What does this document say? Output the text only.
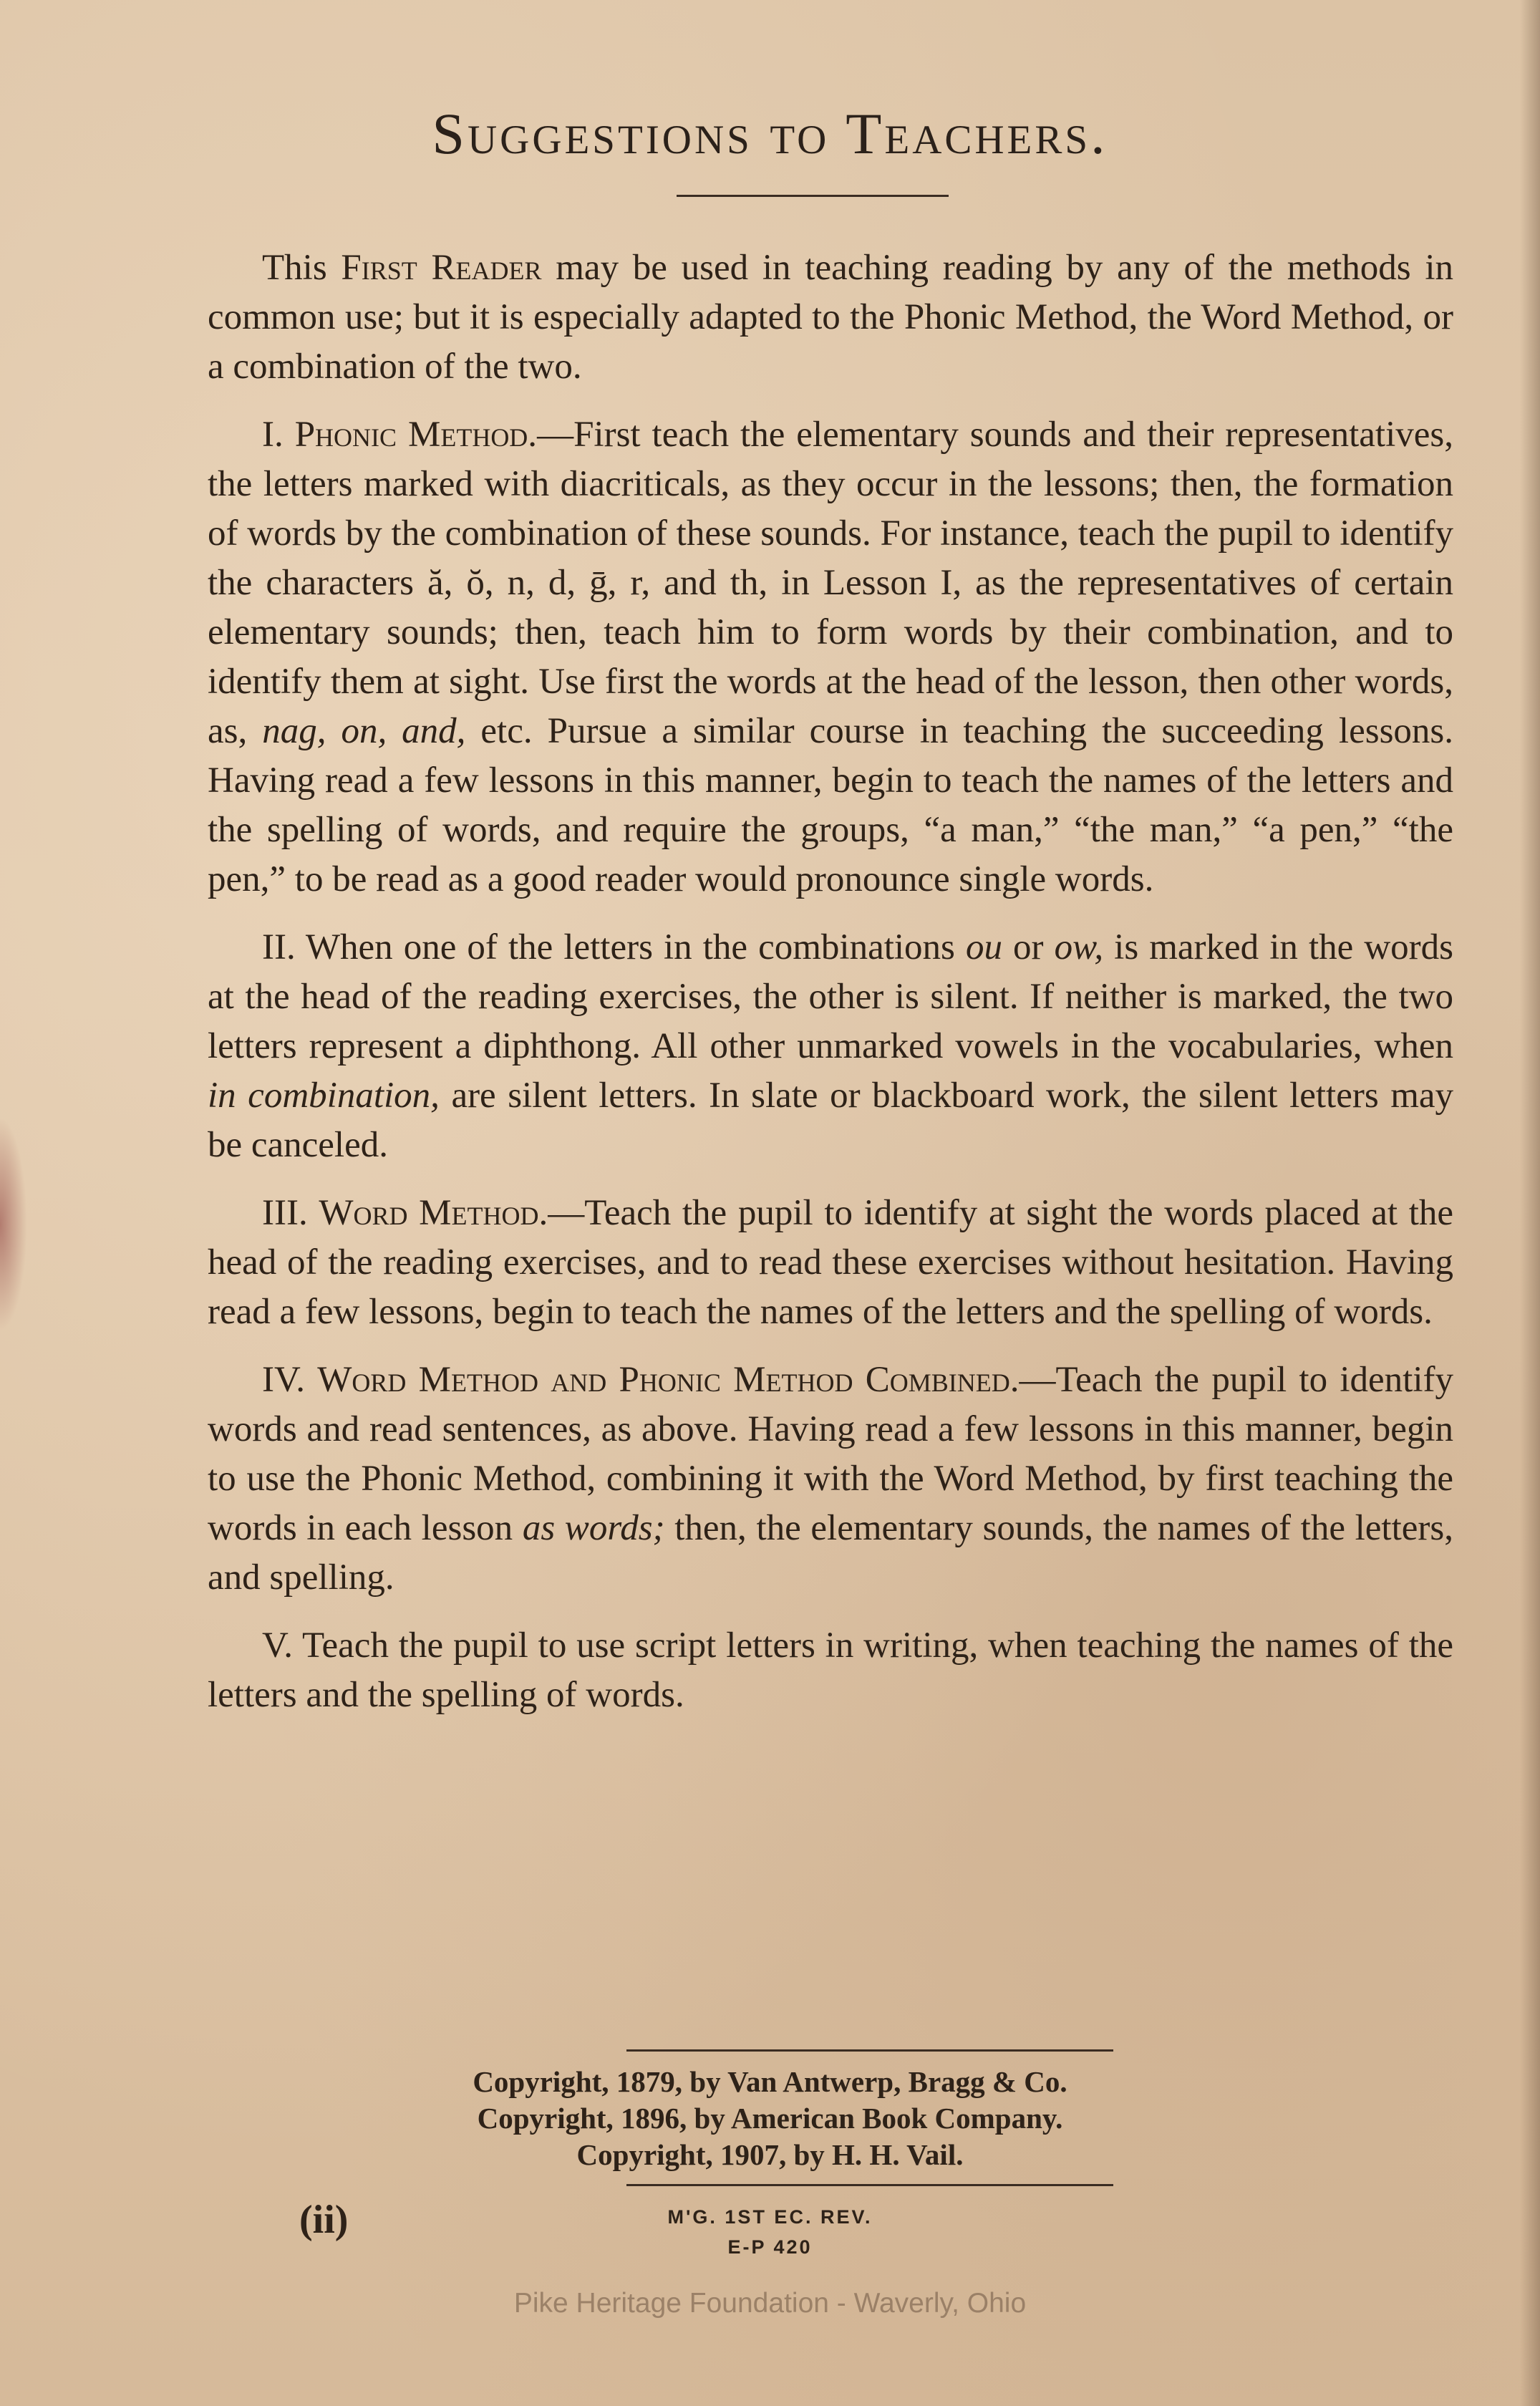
Suggestions to Teachers.

This First Reader may be used in teaching reading by any of the methods in common use; but it is especially adapted to the Phonic Method, the Word Method, or a combination of the two.

I. Phonic Method.—First teach the elementary sounds and their representatives, the letters marked with diacriticals, as they occur in the lessons; then, the formation of words by the combination of these sounds. For instance, teach the pupil to identify the characters ă, ŏ, n, d, ḡ, r, and th, in Lesson I, as the representatives of certain elementary sounds; then, teach him to form words by their combination, and to identify them at sight. Use first the words at the head of the lesson, then other words, as, nag, on, and, etc. Pursue a similar course in teaching the succeeding lessons. Having read a few lessons in this manner, begin to teach the names of the letters and the spelling of words, and require the groups, “a man,” “the man,” “a pen,” “the pen,” to be read as a good reader would pronounce single words.

II. When one of the letters in the combinations ou or ow, is marked in the words at the head of the reading exercises, the other is silent. If neither is marked, the two letters represent a diphthong. All other unmarked vowels in the vocabularies, when in combination, are silent letters. In slate or blackboard work, the silent letters may be canceled.

III. Word Method.—Teach the pupil to identify at sight the words placed at the head of the reading exercises, and to read these exercises without hesitation. Having read a few lessons, begin to teach the names of the letters and the spelling of words.

IV. Word Method and Phonic Method Combined.—Teach the pupil to identify words and read sentences, as above. Having read a few lessons in this manner, begin to use the Phonic Method, combining it with the Word Method, by first teaching the words in each lesson as words; then, the elementary sounds, the names of the letters, and spelling.

V. Teach the pupil to use script letters in writing, when teaching the names of the letters and the spelling of words.

Copyright, 1879, by Van Antwerp, Bragg & Co.
Copyright, 1896, by American Book Company.
Copyright, 1907, by H. H. Vail.
(ii)	M'G. 1ST EC. REV.
E-P 420
Pike Heritage Foundation - Waverly, Ohio
